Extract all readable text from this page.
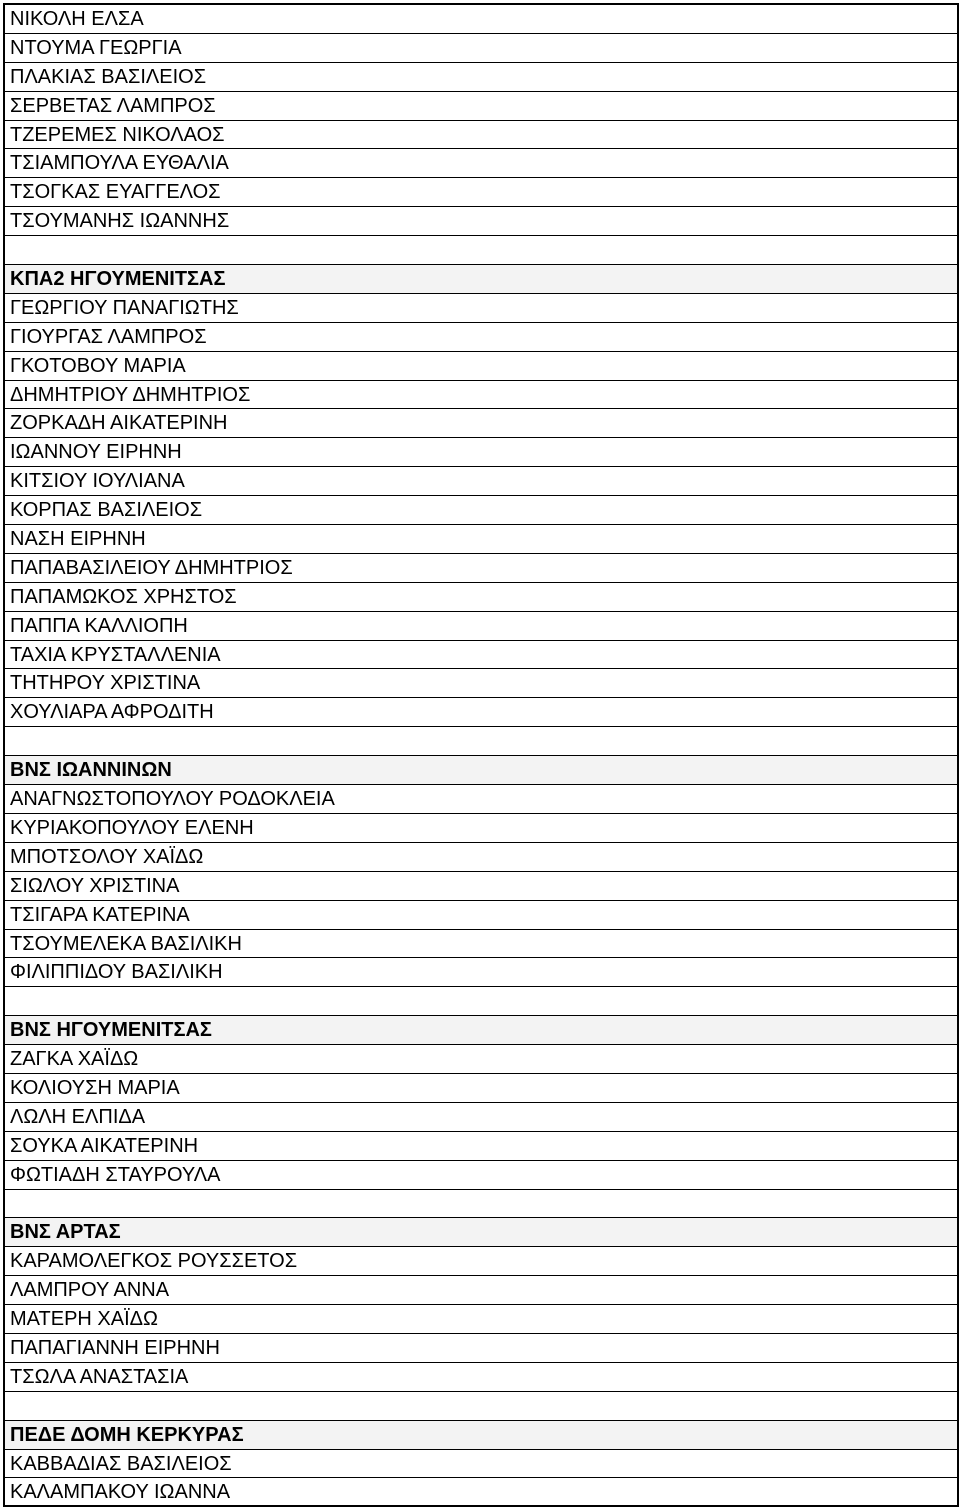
ΝΙΚΟΛΗ ΕΛΣΑ
ΝΤΟΥΜΑ ΓΕΩΡΓΙΑ
ΠΛΑΚΙΑΣ ΒΑΣΙΛΕΙΟΣ
ΣΕΡΒΕΤΑΣ ΛΑΜΠΡΟΣ
ΤΖΕΡΕΜΕΣ ΝΙΚΟΛΑΟΣ
ΤΣΙΑΜΠΟΥΛΑ ΕΥΘΑΛΙΑ
ΤΣΟΓΚΑΣ ΕΥΑΓΓΕΛΟΣ
ΤΣΟΥΜΑΝΗΣ ΙΩΑΝΝΗΣ
ΚΠΑ2 ΗΓΟΥΜΕΝΙΤΣΑΣ
ΓΕΩΡΓΙΟΥ ΠΑΝΑΓΙΩΤΗΣ
ΓΙΟΥΡΓΑΣ ΛΑΜΠΡΟΣ
ΓΚΟΤΟΒΟΥ ΜΑΡΙΑ
ΔΗΜΗΤΡΙΟΥ ΔΗΜΗΤΡΙΟΣ
ΖΟΡΚΑΔΗ ΑΙΚΑΤΕΡΙΝΗ
ΙΩΑΝΝΟΥ ΕΙΡΗΝΗ
ΚΙΤΣΙΟΥ ΙΟΥΛΙΑΝΑ
ΚΟΡΠΑΣ ΒΑΣΙΛΕΙΟΣ
ΝΑΣΗ ΕΙΡΗΝΗ
ΠΑΠΑΒΑΣΙΛΕΙΟΥ ΔΗΜΗΤΡΙΟΣ
ΠΑΠΑΜΩΚΟΣ ΧΡΗΣΤΟΣ
ΠΑΠΠΑ ΚΑΛΛΙΟΠΗ
ΤΑΧΙΑ ΚΡΥΣΤΑΛΛΕΝΙΑ
ΤΗΤΗΡΟΥ ΧΡΙΣΤΙΝΑ
ΧΟΥΛΙΑΡΑ ΑΦΡΟΔΙΤΗ
ΒΝΣ ΙΩΑΝΝΙΝΩΝ
ΑΝΑΓΝΩΣΤΟΠΟΥΛΟΥ ΡΟΔΟΚΛΕΙΑ
ΚΥΡΙΑΚΟΠΟΥΛΟΥ ΕΛΕΝΗ
ΜΠΟΤΣΟΛΟΥ ΧΑΪΔΩ
ΣΙΩΛΟΥ ΧΡΙΣΤΙΝΑ
ΤΣΙΓΑΡΑ ΚΑΤΕΡΙΝΑ
ΤΣΟΥΜΕΛΕΚΑ ΒΑΣΙΛΙΚΗ
ΦΙΛΙΠΠΙΔΟΥ ΒΑΣΙΛΙΚΗ
ΒΝΣ ΗΓΟΥΜΕΝΙΤΣΑΣ
ΖΑΓΚΑ ΧΑΪΔΩ
ΚΟΛΙΟΥΣΗ ΜΑΡΙΑ
ΛΩΛΗ ΕΛΠΙΔΑ
ΣΟΥΚΑ ΑΙΚΑΤΕΡΙΝΗ
ΦΩΤΙΑΔΗ ΣΤΑΥΡΟΥΛΑ
ΒΝΣ ΑΡΤΑΣ
ΚΑΡΑΜΟΛΕΓΚΟΣ ΡΟΥΣΣΕΤΟΣ
ΛΑΜΠΡΟΥ ΑΝΝΑ
ΜΑΤΕΡΗ ΧΑΪΔΩ
ΠΑΠΑΓΙΑΝΝΗ ΕΙΡΗΝΗ
ΤΣΩΛΑ ΑΝΑΣΤΑΣΙΑ
ΠΕΔΕ ΔΟΜΗ ΚΕΡΚΥΡΑΣ
ΚΑΒΒΑΔΙΑΣ ΒΑΣΙΛΕΙΟΣ
ΚΑΛΑΜΠΑΚΟΥ ΙΩΑΝΝΑ
